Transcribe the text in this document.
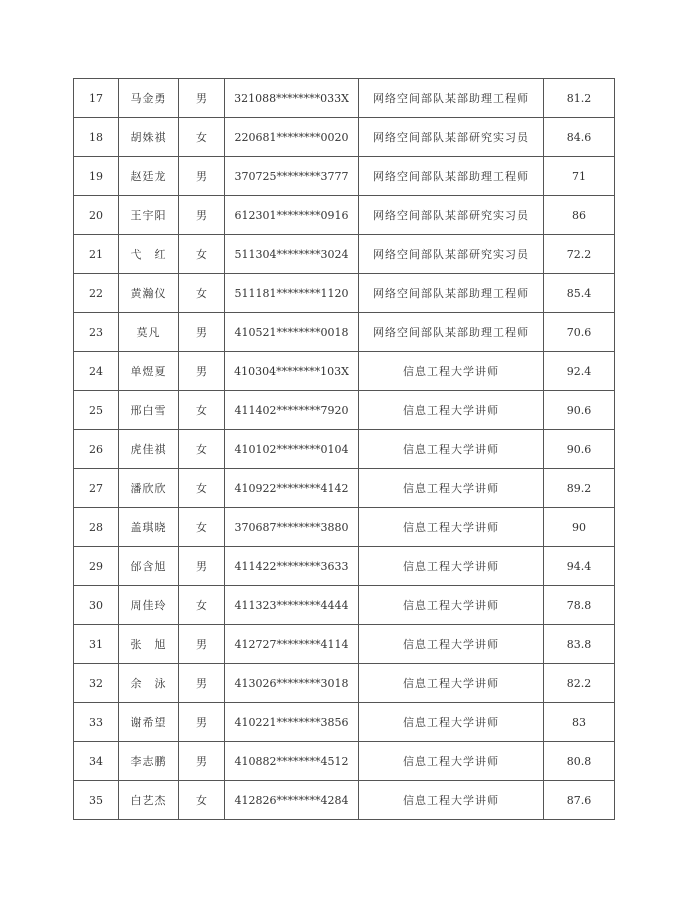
17	马金勇	男	321088********033X	网络空间部队某部助理工程师	81.2
18	胡姝祺	女	220681********0020	网络空间部队某部研究实习员	84.6
19	赵廷龙	男	370725********3777	网络空间部队某部助理工程师	71
20	王宇阳	男	612301********0916	网络空间部队某部研究实习员	86
21	弋　红	女	511304********3024	网络空间部队某部研究实习员	72.2
22	黄瀚仪	女	511181********1120	网络空间部队某部助理工程师	85.4
23	莫凡	男	410521********0018	网络空间部队某部助理工程师	70.6
24	单煜夏	男	410304********103X	信息工程大学讲师	92.4
25	邢白雪	女	411402********7920	信息工程大学讲师	90.6
26	虎佳祺	女	410102********0104	信息工程大学讲师	90.6
27	潘欣欣	女	410922********4142	信息工程大学讲师	89.2
28	盖琪晓	女	370687********3880	信息工程大学讲师	90
29	邰含旭	男	411422********3633	信息工程大学讲师	94.4
30	周佳玲	女	411323********4444	信息工程大学讲师	78.8
31	张　旭	男	412727********4114	信息工程大学讲师	83.8
32	余　泳	男	413026********3018	信息工程大学讲师	82.2
33	谢希望	男	410221********3856	信息工程大学讲师	83
34	李志鹏	男	410882********4512	信息工程大学讲师	80.8
35	白艺杰	女	412826********4284	信息工程大学讲师	87.6
